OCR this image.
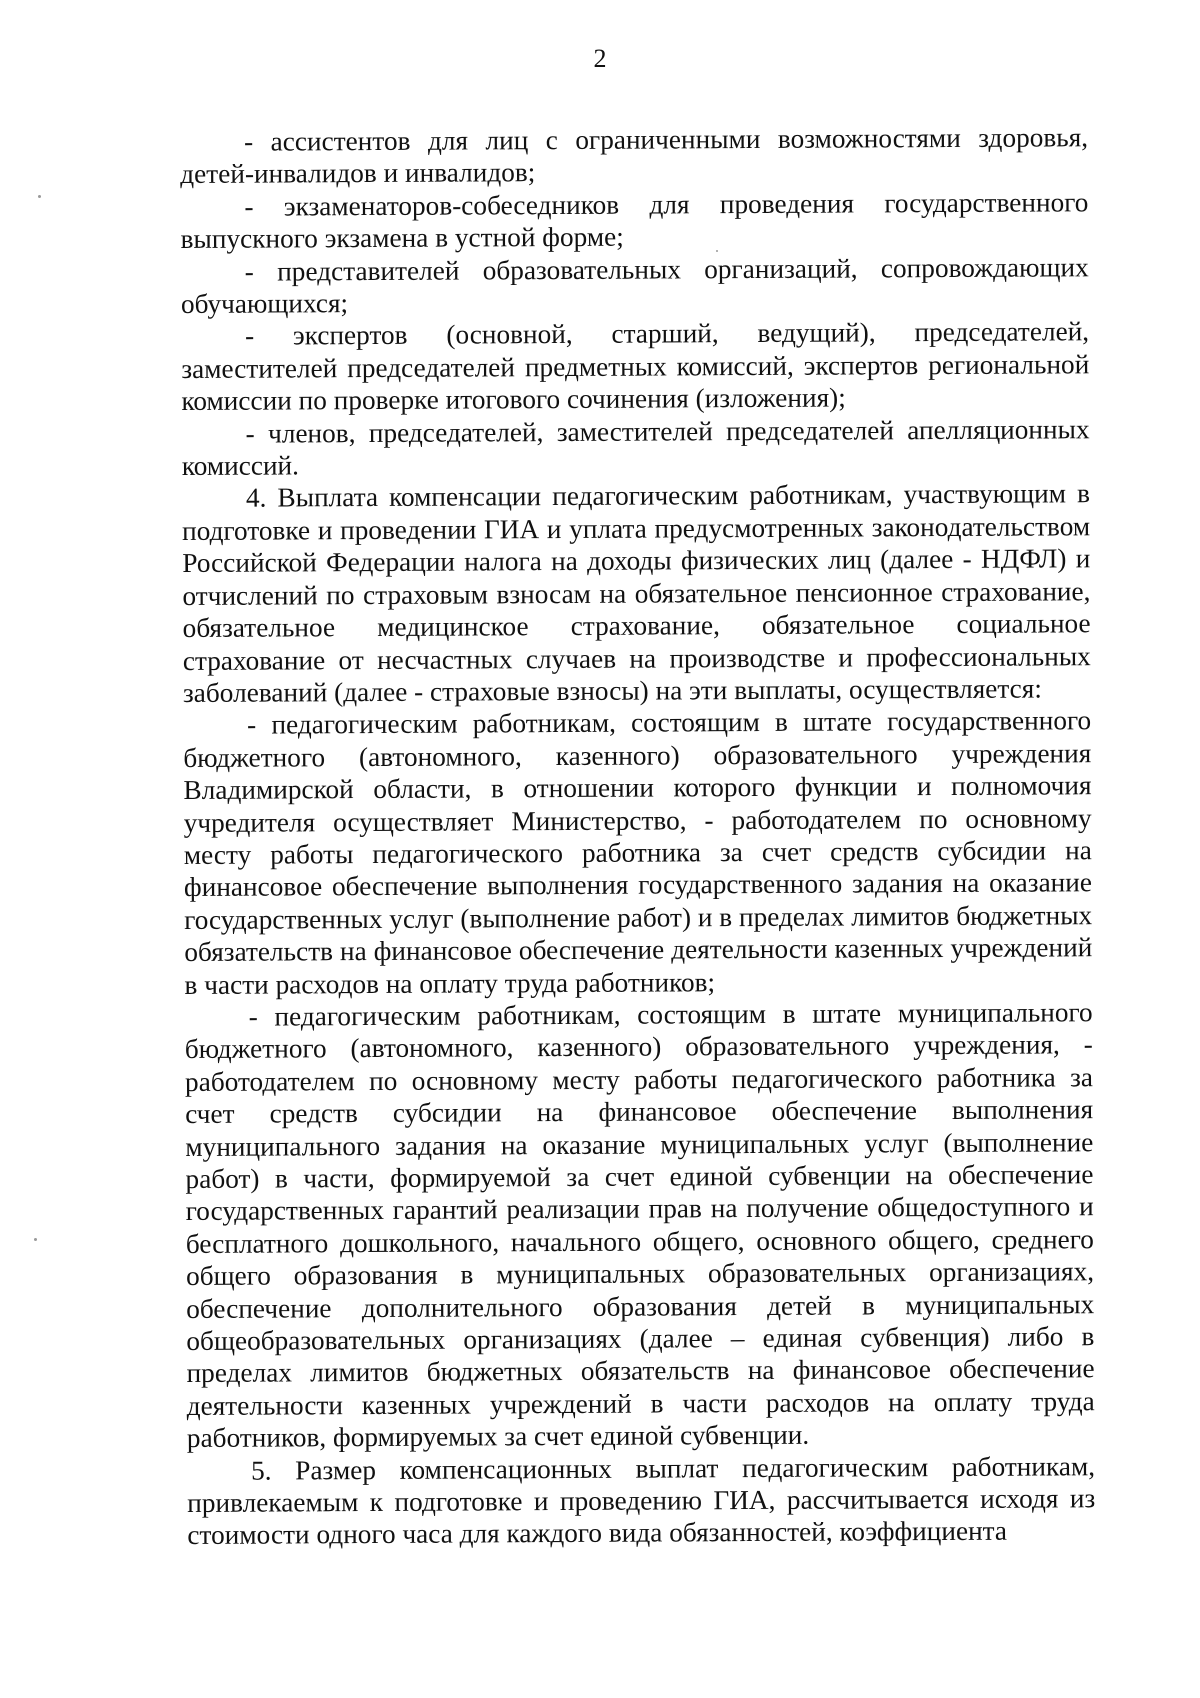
2

- ассистентов для лиц с ограниченными возможностями здоровья, детей-инвалидов и инвалидов;

- экзаменаторов-собеседников для проведения государственного выпускного экзамена в устной форме;

- представителей образовательных организаций, сопровождающих обучающихся;

- экспертов (основной, старший, ведущий), председателей, заместителей председателей предметных комиссий, экспертов региональной комиссии по проверке итогового сочинения (изложения);

- членов, председателей, заместителей председателей апелляционных комиссий.

4. Выплата компенсации педагогическим работникам, участвующим в подготовке и проведении ГИА и уплата предусмотренных законодательством Российской Федерации налога на доходы физических лиц (далее - НДФЛ) и отчислений по страховым взносам на обязательное пенсионное страхование, обязательное медицинское страхование, обязательное социальное страхование от несчастных случаев на производстве и профессиональных заболеваний (далее - страховые взносы) на эти выплаты, осуществляется:

- педагогическим работникам, состоящим в штате государственного бюджетного (автономного, казенного) образовательного учреждения Владимирской области, в отношении которого функции и полномочия учредителя осуществляет Министерство, - работодателем по основному месту работы педагогического работника за счет средств субсидии на финансовое обеспечение выполнения государственного задания на оказание государственных услуг (выполнение работ) и в пределах лимитов бюджетных обязательств на финансовое обеспечение деятельности казенных учреждений в части расходов на оплату труда работников;

- педагогическим работникам, состоящим в штате муниципального бюджетного (автономного, казенного) образовательного учреждения, - работодателем по основному месту работы педагогического работника за счет средств субсидии на финансовое обеспечение выполнения муниципального задания на оказание муниципальных услуг (выполнение работ) в части, формируемой за счет единой субвенции на обеспечение государственных гарантий реализации прав на получение общедоступного и бесплатного дошкольного, начального общего, основного общего, среднего общего образования в муниципальных образовательных организациях, обеспечение дополнительного образования детей в муниципальных общеобразовательных организациях (далее – единая субвенция) либо в пределах лимитов бюджетных обязательств на финансовое обеспечение деятельности казенных учреждений в части расходов на оплату труда работников, формируемых за счет единой субвенции.

5. Размер компенсационных выплат педагогическим работникам, привлекаемым к подготовке и проведению ГИА, рассчитывается исходя из стоимости одного часа для каждого вида обязанностей, коэффициента
